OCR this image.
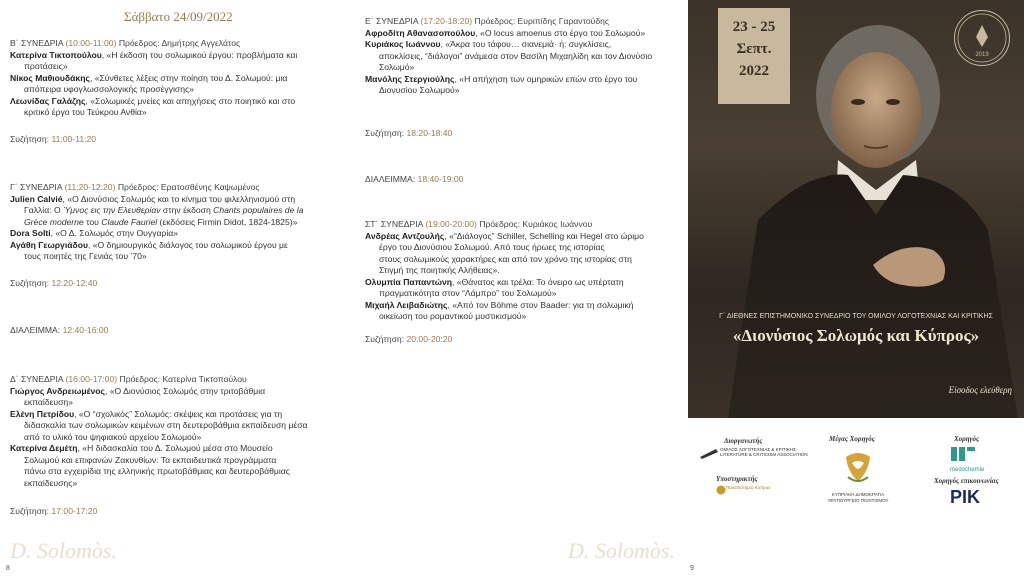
Σάββατο 24/09/2022

Β΄ ΣΥΝΕΔΡΙΑ (10:00-11:00) Πρόεδρος: Δημήτρης Αγγελάτος

Κατερίνα Τικτοπούλου, «Η έκδοση του σολωμικού έργου: προβλήματα και

προτάσεις»

Νίκος Μαθιουδάκης, «Σύνθετες λέξεις στην ποίηση του Δ. Σολωμού: μια

απόπειρα υφογλωσσολογικής προσέγγισης»

Λεωνίδας Γαλάζης, «Σολωμικές μνείες και απηχήσεις στο ποιητικό και στο

κριτικό έργο του Τεύκρου Ανθία»

Συζήτηση: 11:00-11:20

Γ΄ ΣΥΝΕΔΡΙΑ (11:20-12:20) Πρόεδρος: Ερατοσθένης Καψωμένος

Julien Calvié, «Ο Διονύσιος Σολωμός και το κίνημα του φιλελληνισμού στη

Γαλλία: Ο Ύμνος εις την Ελευθερίαν στην έκδοση Chants populaires de la

Grèce moderne του Claude Fauriel (εκδόσεις Firmin Didot, 1824-1825)»

Dora Solti, «Ο Δ. Σολωμός στην Ουγγαρία»

Αγάθη Γεωργιάδου, «Ο δημιουργικός διάλογος του σολωμικού έργου με

τους ποιητές της Γενιάς του ’70»

Συζήτηση: 12:20-12:40
ΔΙΑΛΕΙΜΜΑ: 12:40-16:00

Δ΄ ΣΥΝΕΔΡΙΑ (16:00-17:00) Πρόεδρος: Κατερίνα Τικτοπούλου

Γιώργος Ανδρειωμένος, «Ο Διονύσιος Σολωμός στην τριτοβάθμια

εκπαίδευση»

Ελένη Πετρίδου, «Ο “σχολικός” Σολωμός: σκέψεις και προτάσεις για τη

διδασκαλία των σολωμικών κειμένων στη δευτεροβάθμια εκπαίδευση μέσα

από το υλικό του ψηφιακού αρχείου Σολωμού»

Κατερίνα Δεμέτη, «Η διδασκαλία του Δ. Σολωμού μέσα στο Μουσείο

Σολωμού και επιφανών Ζακυνθίων: Τα εκπαιδευτικά προγράμματα

πάνω στα εγχειρίδια της ελληνικής πρωτοβάθμιας και δευτεροβάθμιας

εκπαίδευσης»

Συζήτηση: 17:00-17:20
D. Solomòs.
8

Ε΄ ΣΥΝΕΔΡΙΑ (17:20-18:20) Πρόεδρος: Ευριπίδης Γαραντούδης

Αφροδίτη Αθανασοπούλου, «Ο locus amoenus στο έργο του Σολωμού»

Κυριάκος Ιωάννου, «Άκρα του τάφου… σιανεμιά· ή: συγκλίσεις,

αποκλίσεις, “διάλογοι” ανάμεσα στον Βασίλη Μιχαηλίδη και τον Διονύσιο

Σολωμό»

Μανόλης Στεργιούλης, «Η απήχηση των ομηρικών επών στο έργο του

Διονυσίου Σολωμού»

Συζήτηση: 18:20-18:40
ΔΙΑΛΕΙΜΜΑ: 18:40-19:00

ΣΤ΄ ΣΥΝΕΔΡΙΑ (19:00-20:00) Πρόεδρος: Κυριάκος Ιωάννου

Ανδρέας Αντζουλής, «“Διάλογος” Schiller, Schelling και Hegel στο ώριμο

έργο του Διονύσιου Σολωμού. Από τους ήρωες της ιστορίας

στους σολωμικούς χαρακτήρες και από τον χρόνο της ιστορίας στη

Στιγμή της ποιητικής Αλήθειας».

Ολυμπία Παπαντώνη, «Θάνατος και τρέλα: Το όνειρο ως υπέρτατη

πραγματικότητα στον “Λάμπρο” του Σολωμού»

Μιχαήλ Λειβαδιώτης, «Από τον Böhme στον Baader: για τη σολωμική

οικείωση του ρομαντικού μυστικισμού»

Συζήτηση: 20:00-20:20
D. Solomòs.
9
23 - 25
Σεπτ.
2022
2019
Γ΄ ΔΙΕΘΝΕΣ ΕΠΙΣΤΗΜΟΝΙΚΟ ΣΥΝΕΔΡΙΟ ΤΟΥ ΟΜΙΛΟΥ ΛΟΓΟΤΕΧΝΙΑΣ ΚΑΙ ΚΡΙΤΙΚΗΣ
«Διονύσιος Σολωμός και Κύπρος»
Είσοδος ελεύθερη
Διοργανωτής
ΟΜΙΛΟΣ ΛΟΓΟΤΕΧΝΙΑΣ & ΚΡΙΤΙΚΗΣ · LITERATURE & CRITICISM ASSOCIATION
Υποστηρικτής
Πανεπιστήμιο Κύπρου
Μέγας Χορηγός
ΚΥΠΡΙΑΚΗ ΔΗΜΟΚΡΑΤΙΑ
ΥΦΥΠΟΥΡΓΕΙΟ ΠΟΛΙΤΙΣΜΟΥ
Χορηγός
medochemie
Χορηγός επικοινωνίας
ΡΙΚ
